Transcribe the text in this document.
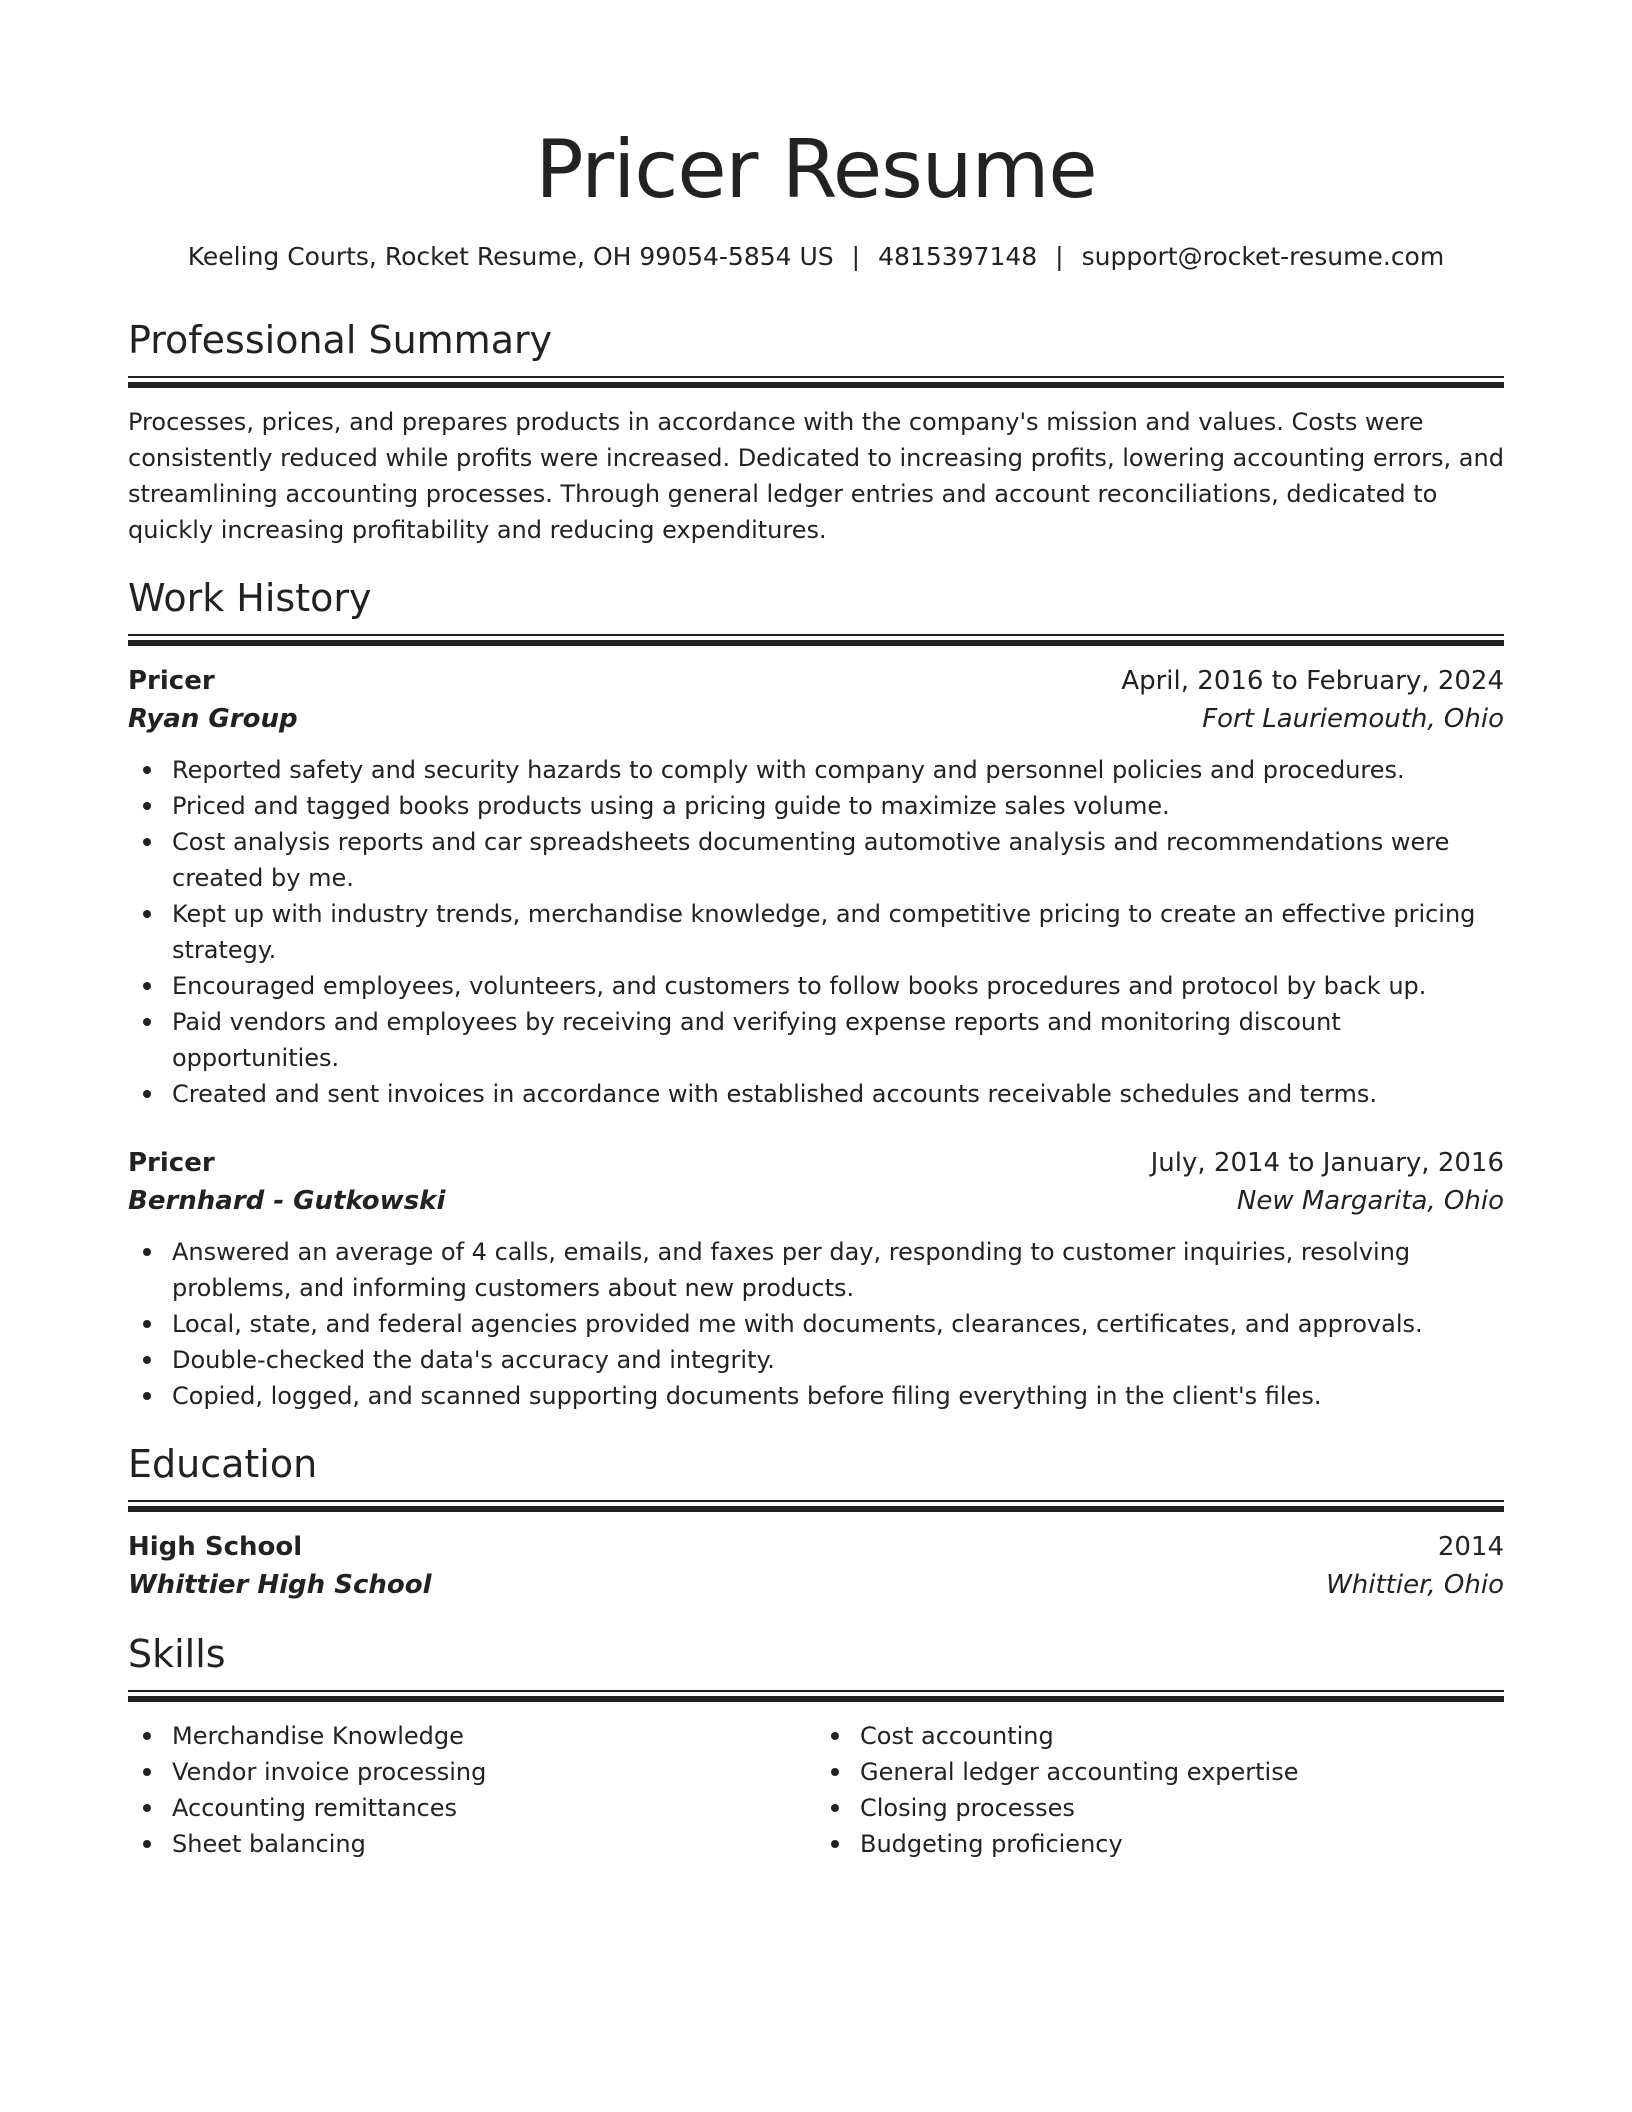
Pricer Resume
Keeling Courts, Rocket Resume, OH 99054-5854 US | 4815397148 | support@rocket-resume.com
Professional Summary

Processes, prices, and prepares products in accordance with the company's mission and values. Costs were consistently reduced while profits were increased. Dedicated to increasing profits, lowering accounting errors, and streamlining accounting processes. Through general ledger entries and account reconciliations, dedicated to quickly increasing profitability and reducing expenditures.

Work History
Pricer	April, 2016 to February, 2024
Ryan Group	Fort Lauriemouth, Ohio
Reported safety and security hazards to comply with company and personnel policies and procedures.
Priced and tagged books products using a pricing guide to maximize sales volume.
Cost analysis reports and car spreadsheets documenting automotive analysis and recommendations were created by me.
Kept up with industry trends, merchandise knowledge, and competitive pricing to create an effective pricing strategy.
Encouraged employees, volunteers, and customers to follow books procedures and protocol by back up.
Paid vendors and employees by receiving and verifying expense reports and monitoring discount opportunities.
Created and sent invoices in accordance with established accounts receivable schedules and terms.
Pricer	July, 2014 to January, 2016
Bernhard - Gutkowski	New Margarita, Ohio
Answered an average of 4 calls, emails, and faxes per day, responding to customer inquiries, resolving problems, and informing customers about new products.
Local, state, and federal agencies provided me with documents, clearances, certificates, and approvals.
Double-checked the data's accuracy and integrity.
Copied, logged, and scanned supporting documents before filing everything in the client's files.
Education
High School	2014
Whittier High School	Whittier, Ohio
Skills
Merchandise Knowledge
Vendor invoice processing
Accounting remittances
Sheet balancing
Cost accounting
General ledger accounting expertise
Closing processes
Budgeting proficiency
